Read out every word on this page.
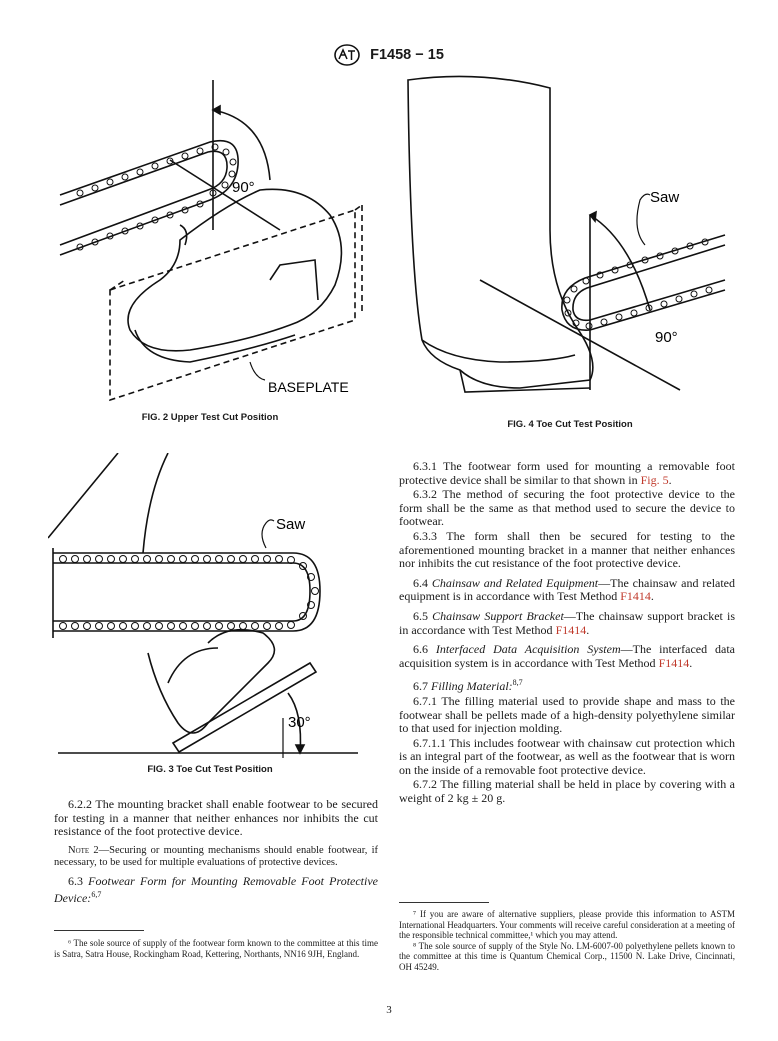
F1458 − 15
90°
BASEPLATE
FIG. 2 Upper Test Cut Position
Saw
90°
FIG. 4 Toe Cut Test Position
Saw
30°
FIG. 3 Toe Cut Test Position

6.2.2 The mounting bracket shall enable footwear to be secured for testing in a manner that neither enhances nor inhibits the cut resistance of the foot protective device.

Note 2—Securing or mounting mechanisms should enable footwear, if necessary, to be used for multiple evaluations of protective devices.

6.3 Footwear Form for Mounting Removable Foot Protective Device:$^{6,7}$

⁶ The sole source of supply of the footwear form known to the committee at this time is Satra, Satra House, Rockingham Road, Kettering, Northants, NN16 9JH, England.

6.3.1 The footwear form used for mounting a removable foot protective device shall be similar to that shown in Fig. 5.

6.3.2 The method of securing the foot protective device to the form shall be the same as that method used to secure the device to footwear.

6.3.3 The form shall then be secured for testing to the aforementioned mounting bracket in a manner that neither enhances nor inhibits the cut resistance of the foot protective device.

6.4 Chainsaw and Related Equipment—The chainsaw and related equipment is in accordance with Test Method F1414.

6.5 Chainsaw Support Bracket—The chainsaw support bracket is in accordance with Test Method F1414.

6.6 Interfaced Data Acquisition System—The interfaced data acquisition system is in accordance with Test Method F1414.

6.7 Filling Material:$^{8,7}$

6.7.1 The filling material used to provide shape and mass to the footwear shall be pellets made of a high-density polyethylene similar to that used for injection molding.

6.7.1.1 This includes footwear with chainsaw cut protection which is an integral part of the footwear, as well as the footwear that is worn on the inside of a removable foot protective device.

6.7.2 The filling material shall be held in place by covering with a weight of 2 kg ± 20 g.

⁷ If you are aware of alternative suppliers, please provide this information to ASTM International Headquarters. Your comments will receive careful consideration at a meeting of the responsible technical committee,¹ which you may attend.

⁸ The sole source of supply of the Style No. LM-6007-00 polyethylene pellets known to the committee at this time is Quantum Chemical Corp., 11500 N. Lake Drive, Cincinnati, OH 45249.

3
